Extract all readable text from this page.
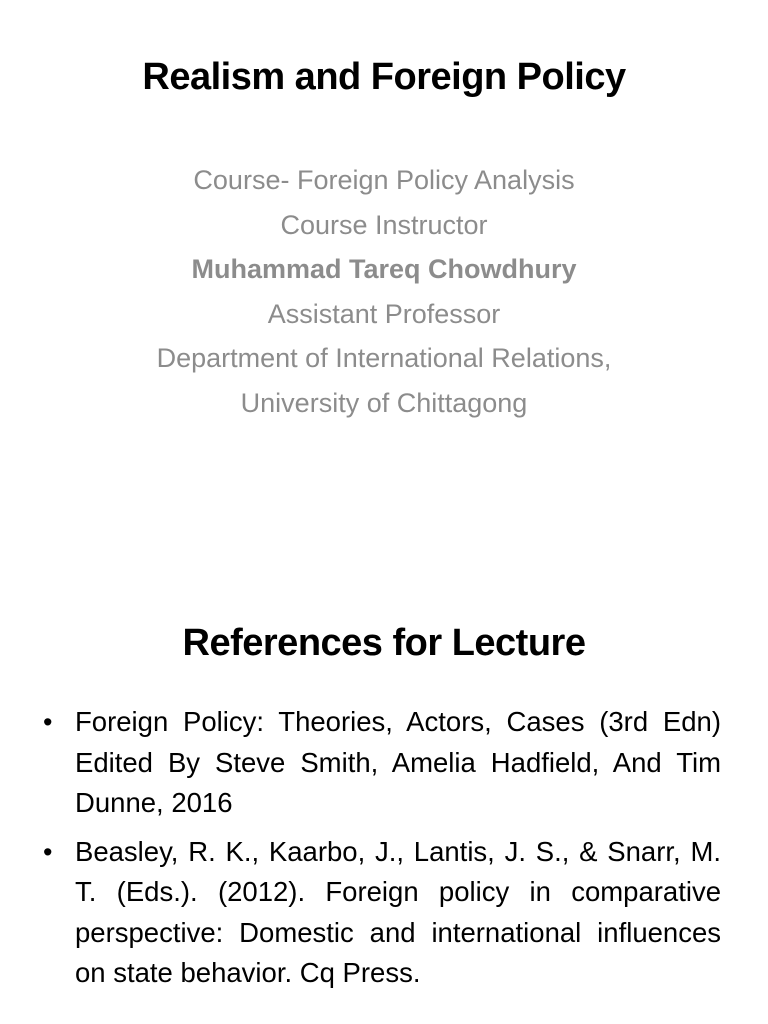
Realism and Foreign Policy
Course- Foreign Policy Analysis
Course Instructor
Muhammad Tareq Chowdhury
Assistant Professor
Department of International Relations,
University of Chittagong
References for Lecture
• Foreign Policy: Theories, Actors, Cases (3rd Edn) Edited By Steve Smith, Amelia Hadfield, And Tim Dunne, 2016
• Beasley, R. K., Kaarbo, J., Lantis, J. S., & Snarr, M. T. (Eds.). (2012). Foreign policy in comparative perspective: Domestic and international influences on state behavior. Cq Press.
